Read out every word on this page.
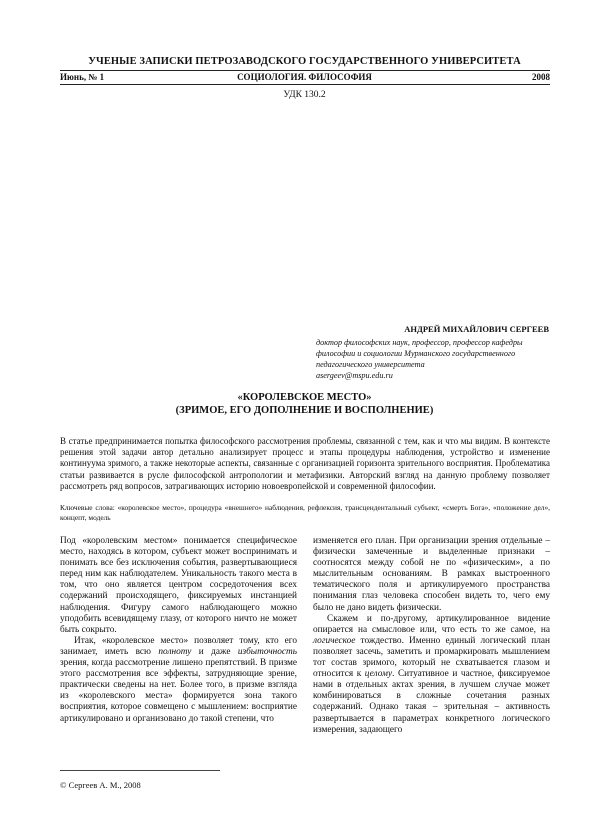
УЧЕНЫЕ ЗАПИСКИ ПЕТРОЗАВОДСКОГО ГОСУДАРСТВЕННОГО УНИВЕРСИТЕТА
Июнь, № 1	СОЦИОЛОГИЯ. ФИЛОСОФИЯ	2008
УДК 130.2
АНДРЕЙ МИХАЙЛОВИЧ СЕРГЕЕВ
доктор философских наук, профессор, профессор кафедры
философии и социологии Мурманского государственного
педагогического университета
asergeev@mspu.edu.ru
«КОРОЛЕВСКОЕ МЕСТО»
(ЗРИМОЕ, ЕГО ДОПОЛНЕНИЕ И ВОСПОЛНЕНИЕ)
В статье предпринимается попытка философского рассмотрения проблемы, связанной с тем, как и что мы видим. В контексте решения этой задачи автор детально анализирует процесс и этапы процедуры наблюдения, устройство и изменение континуума зримого, а также некоторые аспекты, связанные с организацией горизонта зрительного восприятия. Проблематика статьи развивается в русле философской антропологии и метафизики. Авторский взгляд на данную проблему позволяет рассмотреть ряд вопросов, затрагивающих историю новоевропейской и современной философии.
Ключевые слова: «королевское место», процедура «внешнего» наблюдения, рефлексия, трансцендентальный субъект, «смерть Бога», «положение дел», концепт, модель

Под «королевским местом» понимается специфическое место, находясь в котором, субъект может воспринимать и понимать все без исключения события, развертывающиеся перед ним как наблюдателем. Уникальность такого места в том, что оно является центром сосредоточения всех содержаний происходящего, фиксируемых инстанцией наблюдения. Фигуру самого наблюдающего можно уподобить всевидящему глазу, от которого ничто не может быть сокрыто.

Итак, «королевское место» позволяет тому, кто его занимает, иметь всю полноту и даже избыточность зрения, когда рассмотрение лишено препятствий. В призме этого рассмотрения все эффекты, затрудняющие зрение, практически сведены на нет. Более того, в призме взгляда из «королевского места» формируется зона такого восприятия, которое совмещено с мышлением: восприятие артикулировано и организовано до такой степени, что

изменяется его план. При организации зрения отдельные – физически замеченные и выделенные признаки – соотносятся между собой не по «физическим», а по мыслительным основаниям. В рамках выстроенного тематического поля и артикулируемого пространства понимания глаз человека способен видеть то, чего ему было не дано видеть физически.

Скажем и по-другому, артикулированное видение опирается на смысловое или, что есть то же самое, на логическое тождество. Именно единый логический план позволяет засечь, заметить и промаркировать мышлением тот состав зримого, который не схватывается глазом и относится к целому. Ситуативное и частное, фиксируемое нами в отдельных актах зрения, в лучшем случае может комбинироваться в сложные сочетания разных содержаний. Однако такая – зрительная – активность развертывается в параметрах конкретного логического измерения, задающего

© Сергеев А. М., 2008
